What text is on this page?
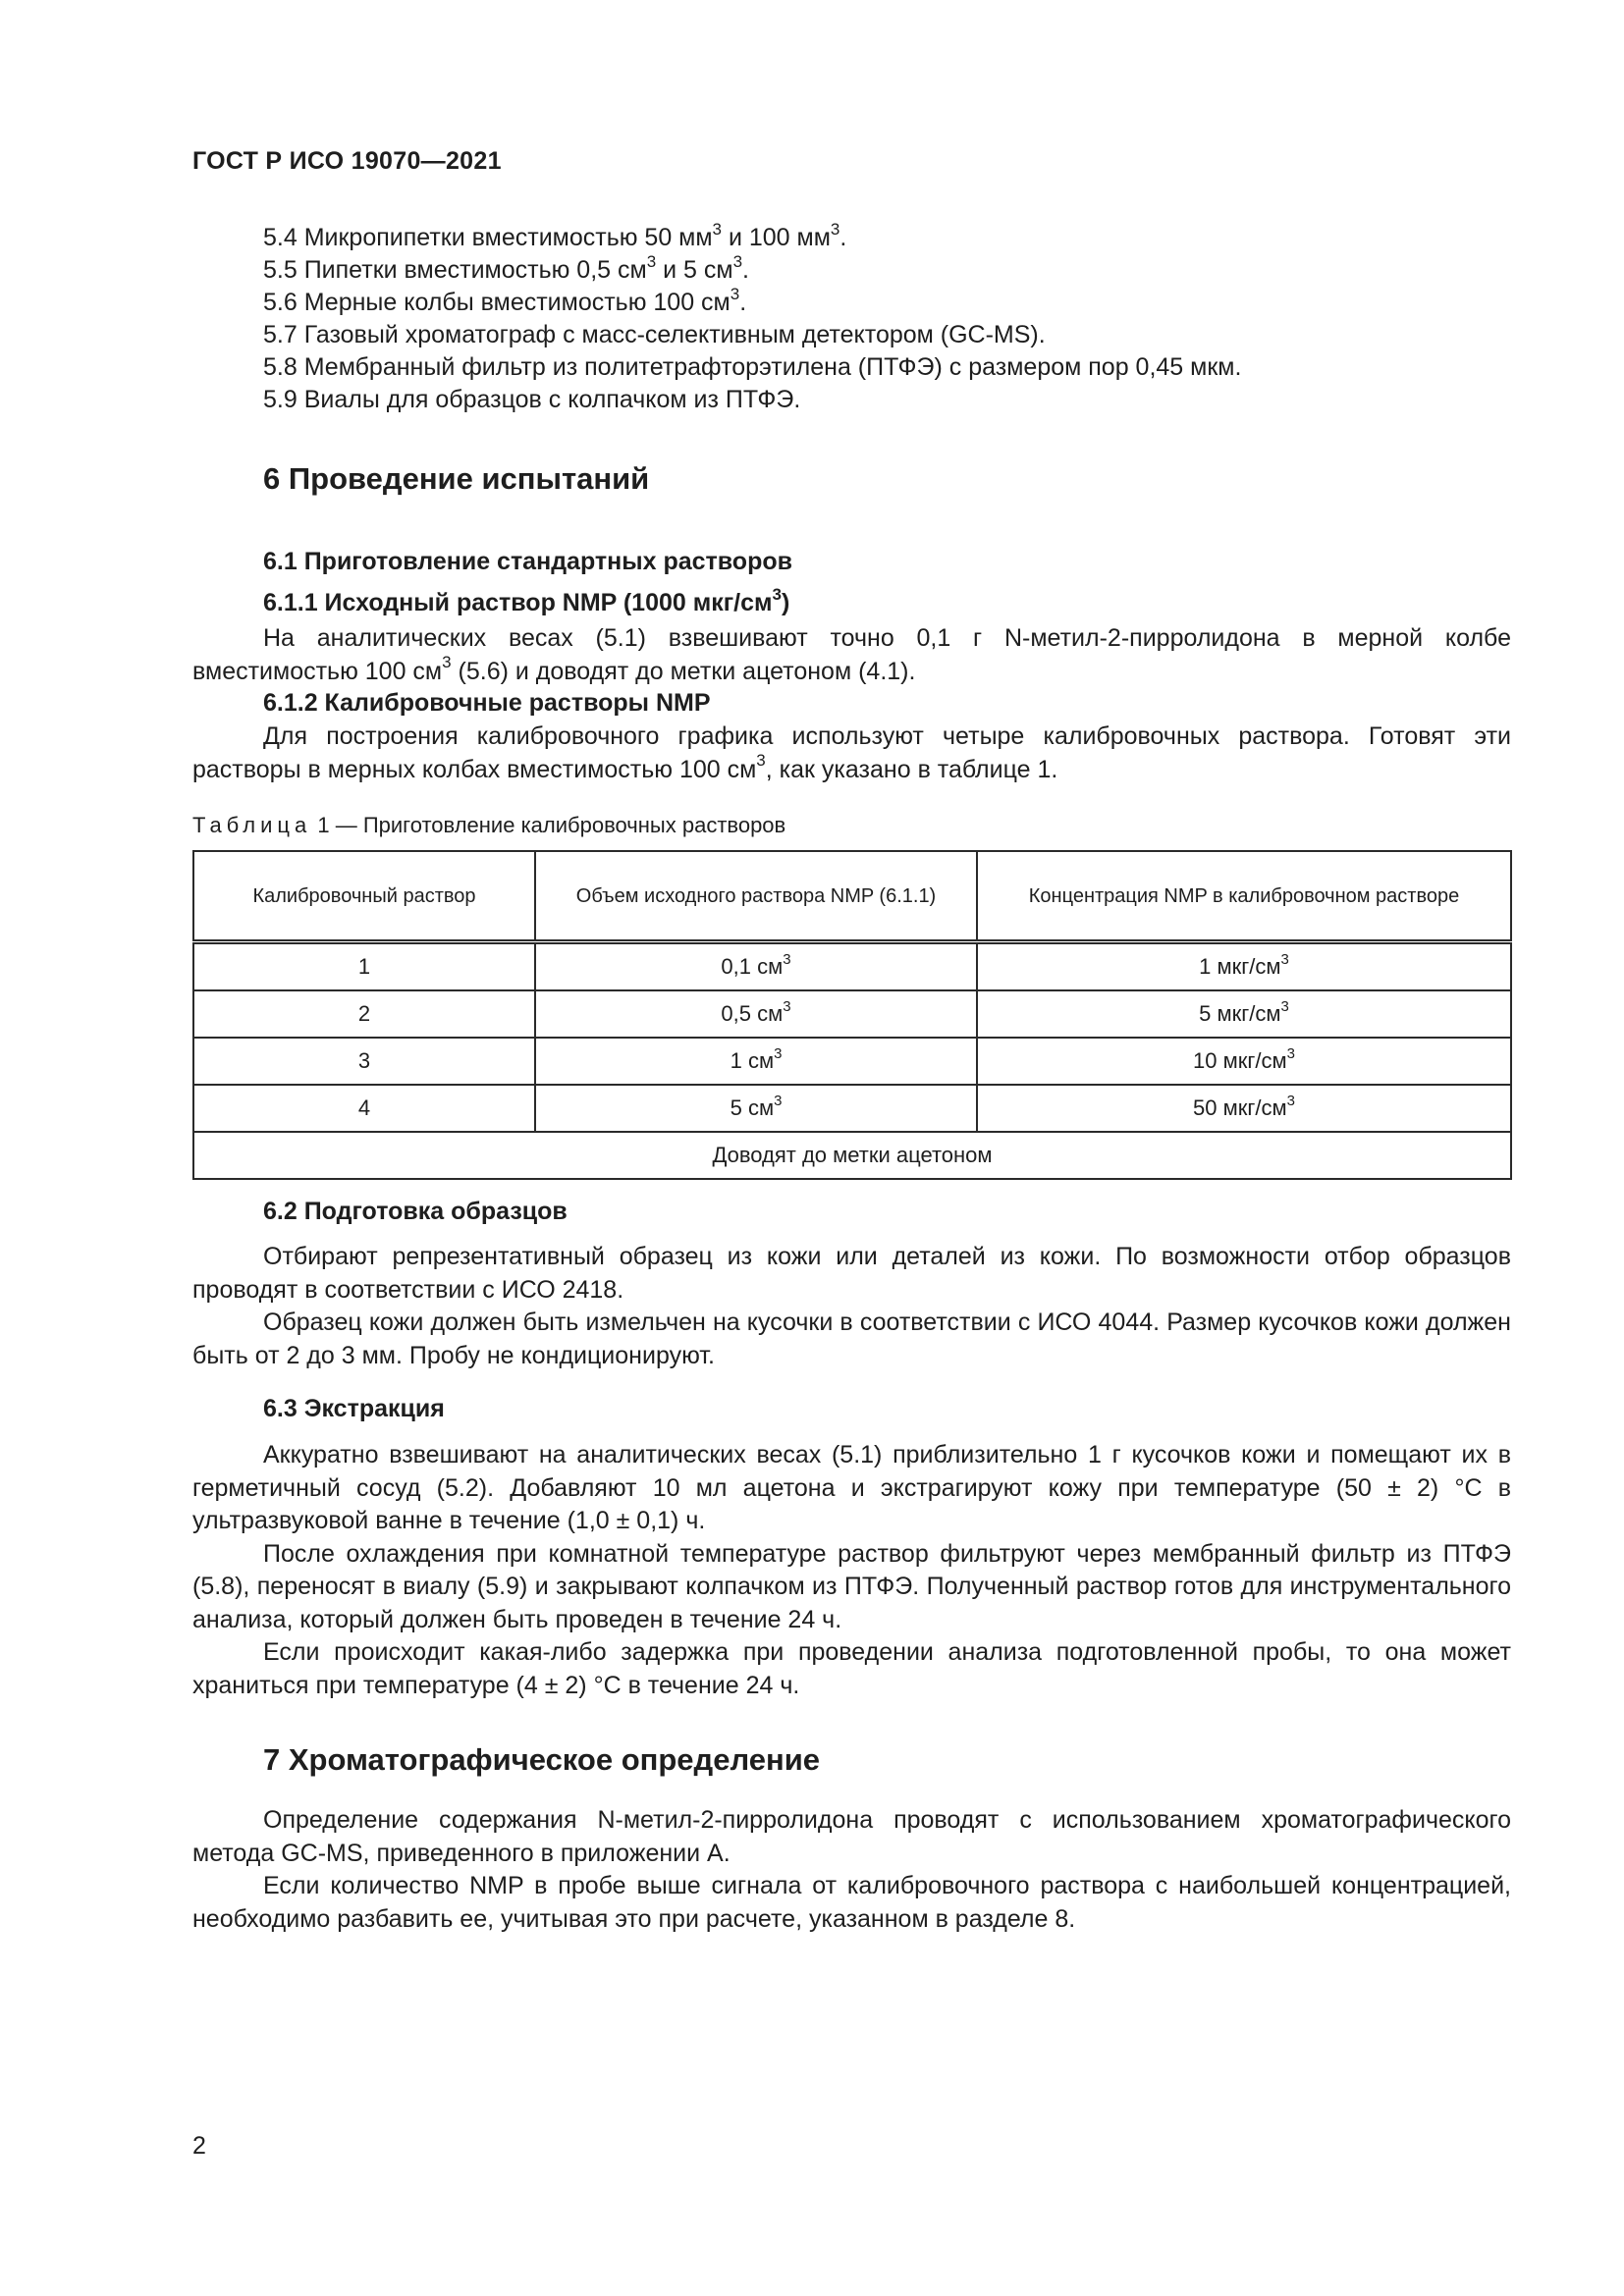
ГОСТ Р ИСО 19070—2021
5.4 Микропипетки вместимостью 50 $мм^3$ и 100 $мм^3$.
5.5 Пипетки вместимостью 0,5 $см^3$ и 5 $см^3$.
5.6 Мерные колбы вместимостью 100 $см^3$.
5.7 Газовый хроматограф с масс-селективным детектором (GC-MS).
5.8 Мембранный фильтр из политетрафторэтилена (ПТФЭ) с размером пор 0,45 мкм.
5.9 Виалы для образцов с колпачком из ПТФЭ.
6 Проведение испытаний
6.1 Приготовление стандартных растворов
6.1.1 Исходный раствор NMP (1000 мкг/$см^3$)

На аналитических весах (5.1) взвешивают точно 0,1 г N-метил-2-пирролидона в мерной колбе вместимостью 100 $см^3$ (5.6) и доводят до метки ацетоном (4.1).

6.1.2 Калибровочные растворы NMP

Для построения калибровочного графика используют четыре калибровочных раствора. Готовят эти растворы в мерных колбах вместимостью 100 $см^3$, как указано в таблице 1.

Таблица 1 — Приготовление калибровочных растворов
Калибровочный раствор	Объем исходного раствора NMP (6.1.1)	Концентрация NMP в калибровочном растворе
1	0,1 $см^3$	1 мкг/$см^3$
2	0,5 $см^3$	5 мкг/$см^3$
3	1 $см^3$	10 мкг/$см^3$
4	5 $см^3$	50 мкг/$см^3$
Доводят до метки ацетоном		
6.2 Подготовка образцов

Отбирают репрезентативный образец из кожи или деталей из кожи. По возможности отбор образцов проводят в соответствии с ИСО 2418.

Образец кожи должен быть измельчен на кусочки в соответствии с ИСО 4044. Размер кусочков кожи должен быть от 2 до 3 мм. Пробу не кондиционируют.

6.3 Экстракция

Аккуратно взвешивают на аналитических весах (5.1) приблизительно 1 г кусочков кожи и помещают их в герметичный сосуд (5.2). Добавляют 10 мл ацетона и экстрагируют кожу при температуре (50 ± 2) °C в ультразвуковой ванне в течение (1,0 ± 0,1) ч.

После охлаждения при комнатной температуре раствор фильтруют через мембранный фильтр из ПТФЭ (5.8), переносят в виалу (5.9) и закрывают колпачком из ПТФЭ. Полученный раствор готов для инструментального анализа, который должен быть проведен в течение 24 ч.

Если происходит какая-либо задержка при проведении анализа подготовленной пробы, то она может храниться при температуре (4 ± 2) °C в течение 24 ч.

7 Хроматографическое определение

Определение содержания N-метил-2-пирролидона проводят с использованием хроматографического метода GC-MS, приведенного в приложении А.

Если количество NMP в пробе выше сигнала от калибровочного раствора с наибольшей концентрацией, необходимо разбавить ее, учитывая это при расчете, указанном в разделе 8.

2
